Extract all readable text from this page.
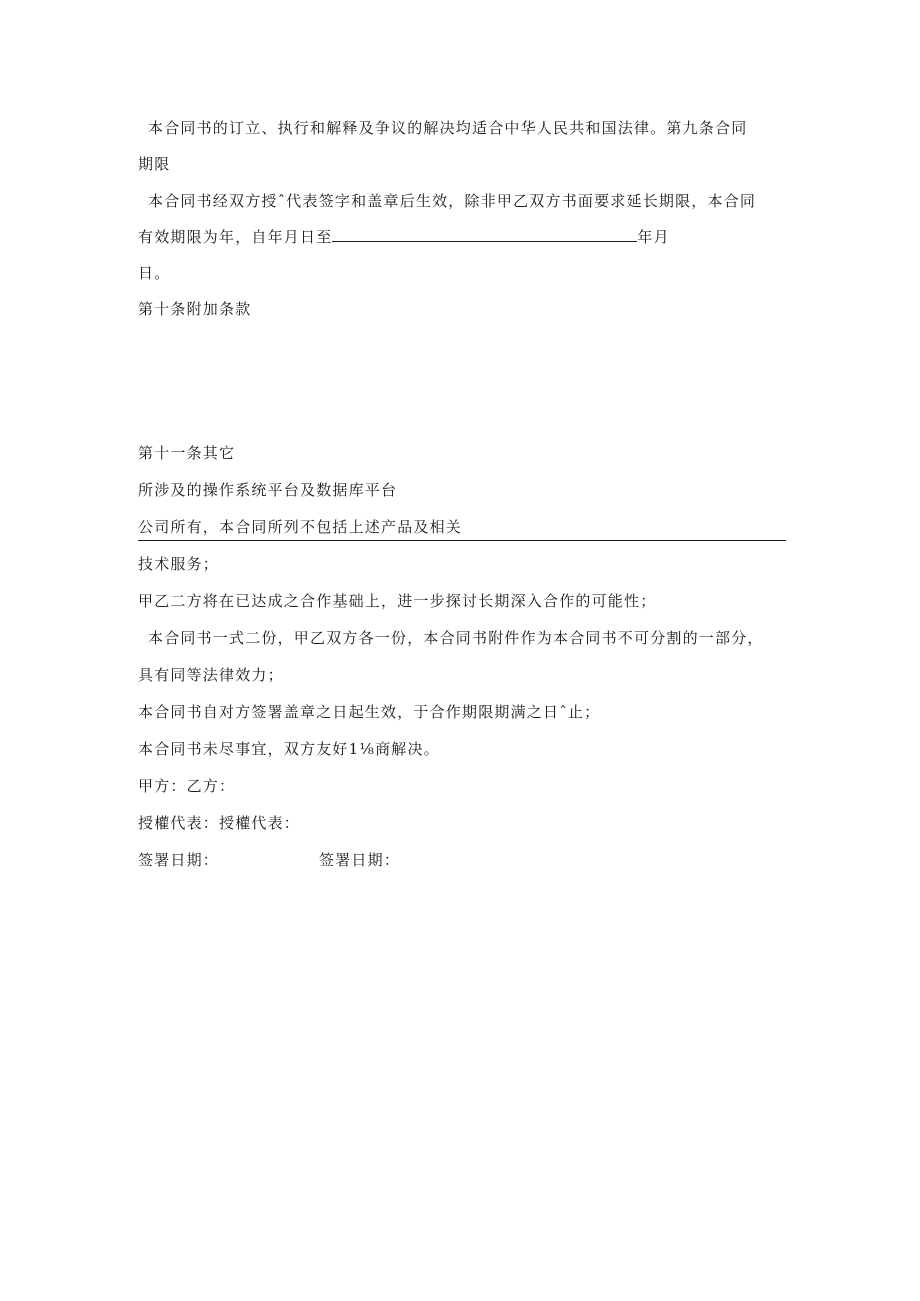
本合同书的订立、执行和解释及争议的解决均适合中华人民共和国法律。第九条合同
期限
本合同书经双方授ˆ代表签字和盖章后生效，除非甲乙双方书面要求延长期限，本合同
有效期限为年，自年月日至	年月
日。
第十条附加条款
第十一条其它
所涉及的操作系统平台及数据库平台
公司所有，本合同所列不包括上述产品及相关
技术服务；
甲乙二方将在已达成之合作基础上，进一步探讨长期深入合作的可能性；
本合同书一式二份，甲乙双方各一份，本合同书附件作为本合同书不可分割的一部分，
具有同等法律效力；
本合同书自对方签署盖章之日起生效，于合作期限期满之日ˆ止；
本合同书未尽事宜，双方友好1⅛商解决。
甲方：乙方：
授權代表：授權代表：
签署日期：	签署日期：
